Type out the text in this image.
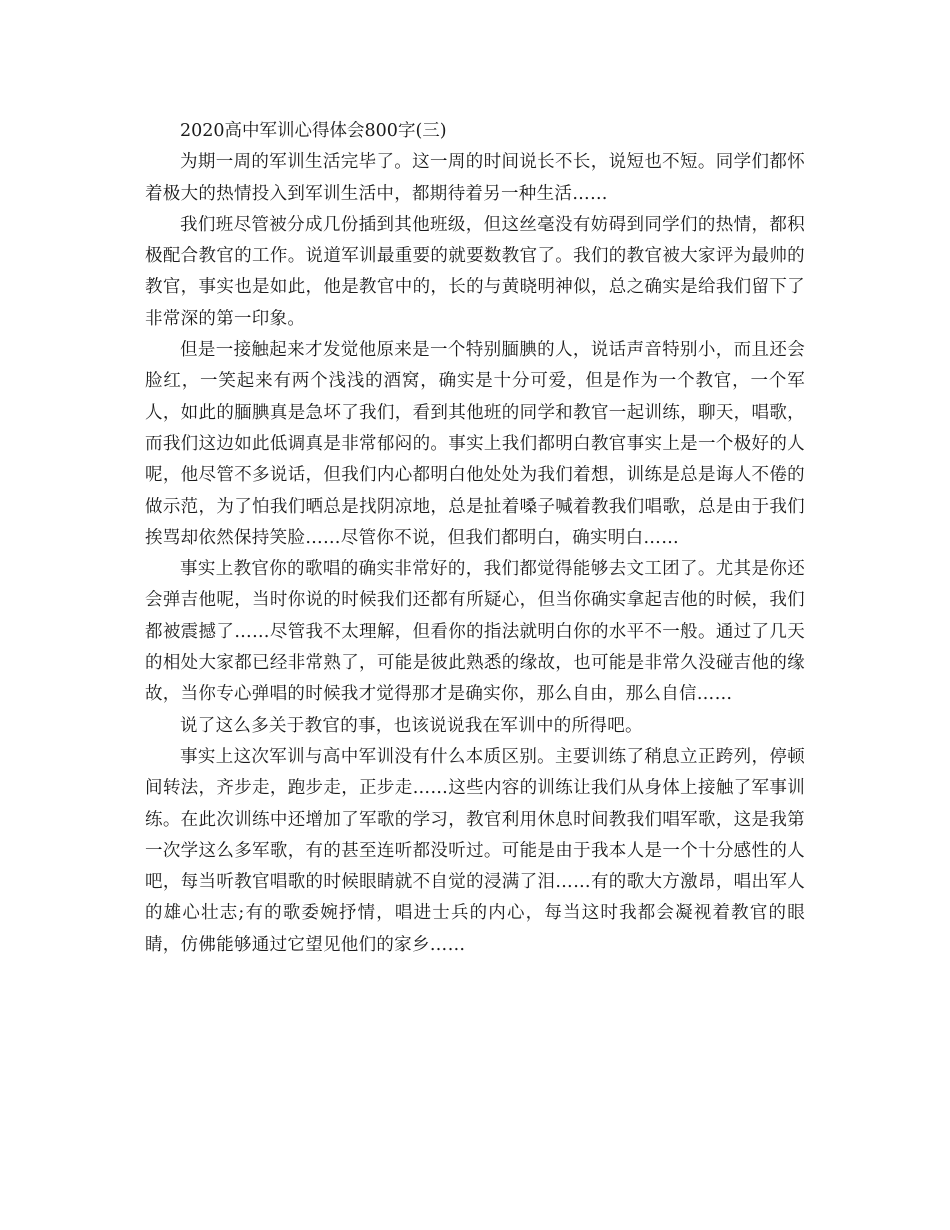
2020高中军训心得体会800字(三)

为期一周的军训生活完毕了。这一周的时间说长不长，说短也不短。同学们都怀着极大的热情投入到军训生活中，都期待着另一种生活……

我们班尽管被分成几份插到其他班级，但这丝毫没有妨碍到同学们的热情，都积极配合教官的工作。说道军训最重要的就要数教官了。我们的教官被大家评为最帅的教官，事实也是如此，他是教官中的，长的与黄晓明神似，总之确实是给我们留下了非常深的第一印象。

但是一接触起来才发觉他原来是一个特别腼腆的人，说话声音特别小，而且还会脸红，一笑起来有两个浅浅的酒窝，确实是十分可爱，但是作为一个教官，一个军人，如此的腼腆真是急坏了我们，看到其他班的同学和教官一起训练，聊天，唱歌，而我们这边如此低调真是非常郁闷的。事实上我们都明白教官事实上是一个极好的人呢，他尽管不多说话，但我们内心都明白他处处为我们着想，训练是总是诲人不倦的做示范，为了怕我们晒总是找阴凉地，总是扯着嗓子喊着教我们唱歌，总是由于我们挨骂却依然保持笑脸……尽管你不说，但我们都明白，确实明白……

事实上教官你的歌唱的确实非常好的，我们都觉得能够去文工团了。尤其是你还会弹吉他呢，当时你说的时候我们还都有所疑心，但当你确实拿起吉他的时候，我们都被震撼了……尽管我不太理解，但看你的指法就明白你的水平不一般。通过了几天的相处大家都已经非常熟了，可能是彼此熟悉的缘故，也可能是非常久没碰吉他的缘故，当你专心弹唱的时候我才觉得那才是确实你，那么自由，那么自信……

说了这么多关于教官的事，也该说说我在军训中的所得吧。

事实上这次军训与高中军训没有什么本质区别。主要训练了稍息立正跨列，停顿间转法，齐步走，跑步走，正步走……这些内容的训练让我们从身体上接触了军事训练。在此次训练中还增加了军歌的学习，教官利用休息时间教我们唱军歌，这是我第一次学这么多军歌，有的甚至连听都没听过。可能是由于我本人是一个十分感性的人吧，每当听教官唱歌的时候眼睛就不自觉的浸满了泪……有的歌大方激昂，唱出军人的雄心壮志;有的歌委婉抒情，唱进士兵的内心，每当这时我都会凝视着教官的眼睛，仿佛能够通过它望见他们的家乡……
